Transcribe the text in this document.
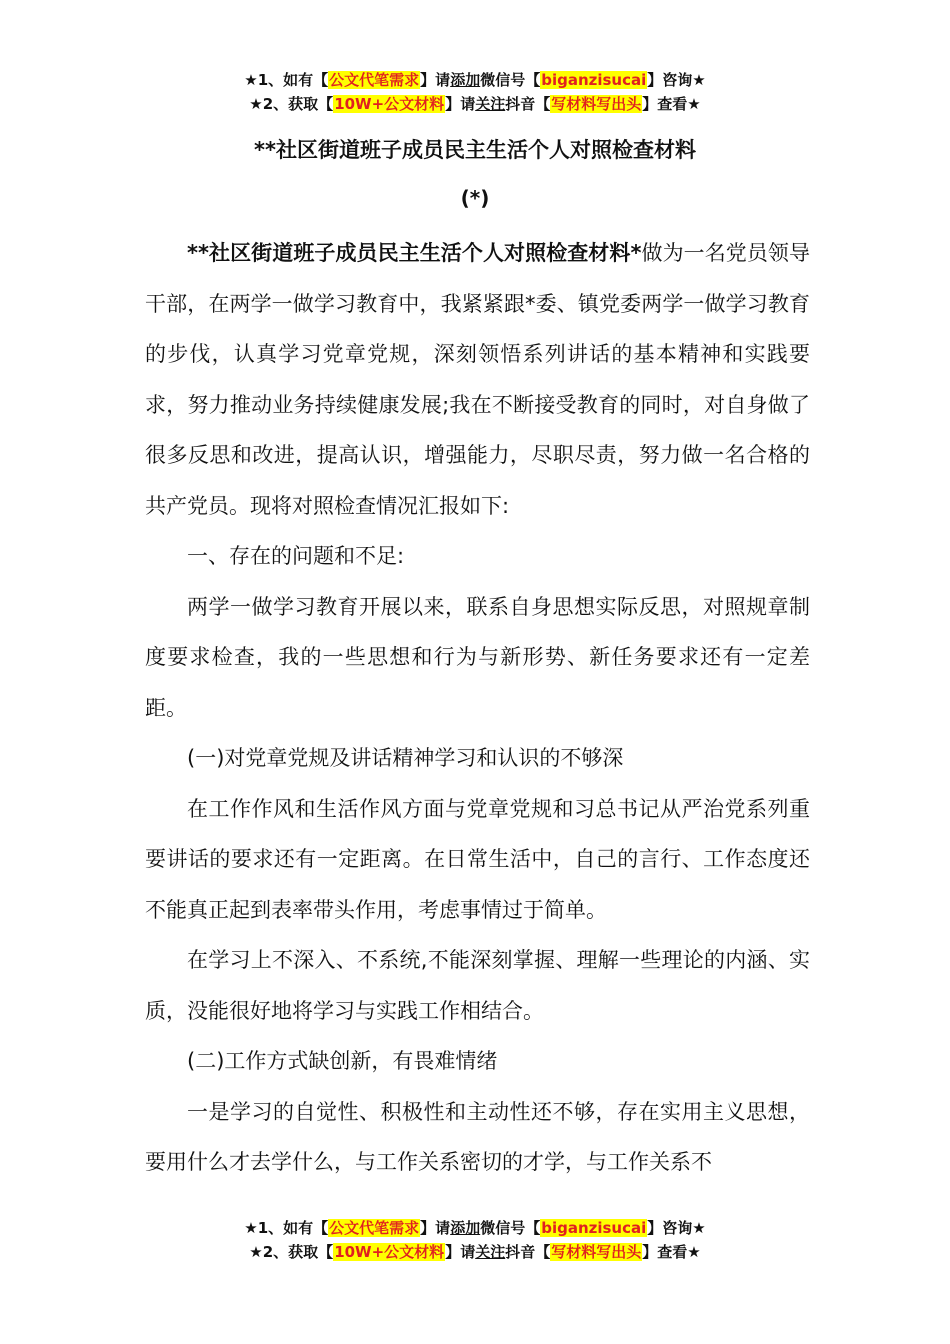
★1、如有【公文代笔需求】请添加微信号【biganzisucai】咨询★
★2、获取【10W+公文材料】请关注抖音【写材料写出头】查看★
**社区街道班子成员民主生活个人对照检查材料
(*)

**社区街道班子成员民主生活个人对照检查材料*做为一名党员领导干部，在两学一做学习教育中，我紧紧跟*委、镇党委两学一做学习教育的步伐，认真学习党章党规，深刻领悟系列讲话的基本精神和实践要求，努力推动业务持续健康发展;我在不断接受教育的同时，对自身做了很多反思和改进，提高认识，增强能力，尽职尽责，努力做一名合格的共产党员。现将对照检查情况汇报如下:

一、存在的问题和不足:

两学一做学习教育开展以来，联系自身思想实际反思，对照规章制度要求检查，我的一些思想和行为与新形势、新任务要求还有一定差距。

(一)对党章党规及讲话精神学习和认识的不够深

在工作作风和生活作风方面与党章党规和习总书记从严治党系列重要讲话的要求还有一定距离。在日常生活中，自己的言行、工作态度还不能真正起到表率带头作用，考虑事情过于简单。

在学习上不深入、不系统,不能深刻掌握、理解一些理论的内涵、实质，没能很好地将学习与实践工作相结合。

(二)工作方式缺创新，有畏难情绪

一是学习的自觉性、积极性和主动性还不够，存在实用主义思想，要用什么才去学什么，与工作关系密切的才学，与工作关系不

★1、如有【公文代笔需求】请添加微信号【biganzisucai】咨询★
★2、获取【10W+公文材料】请关注抖音【写材料写出头】查看★
